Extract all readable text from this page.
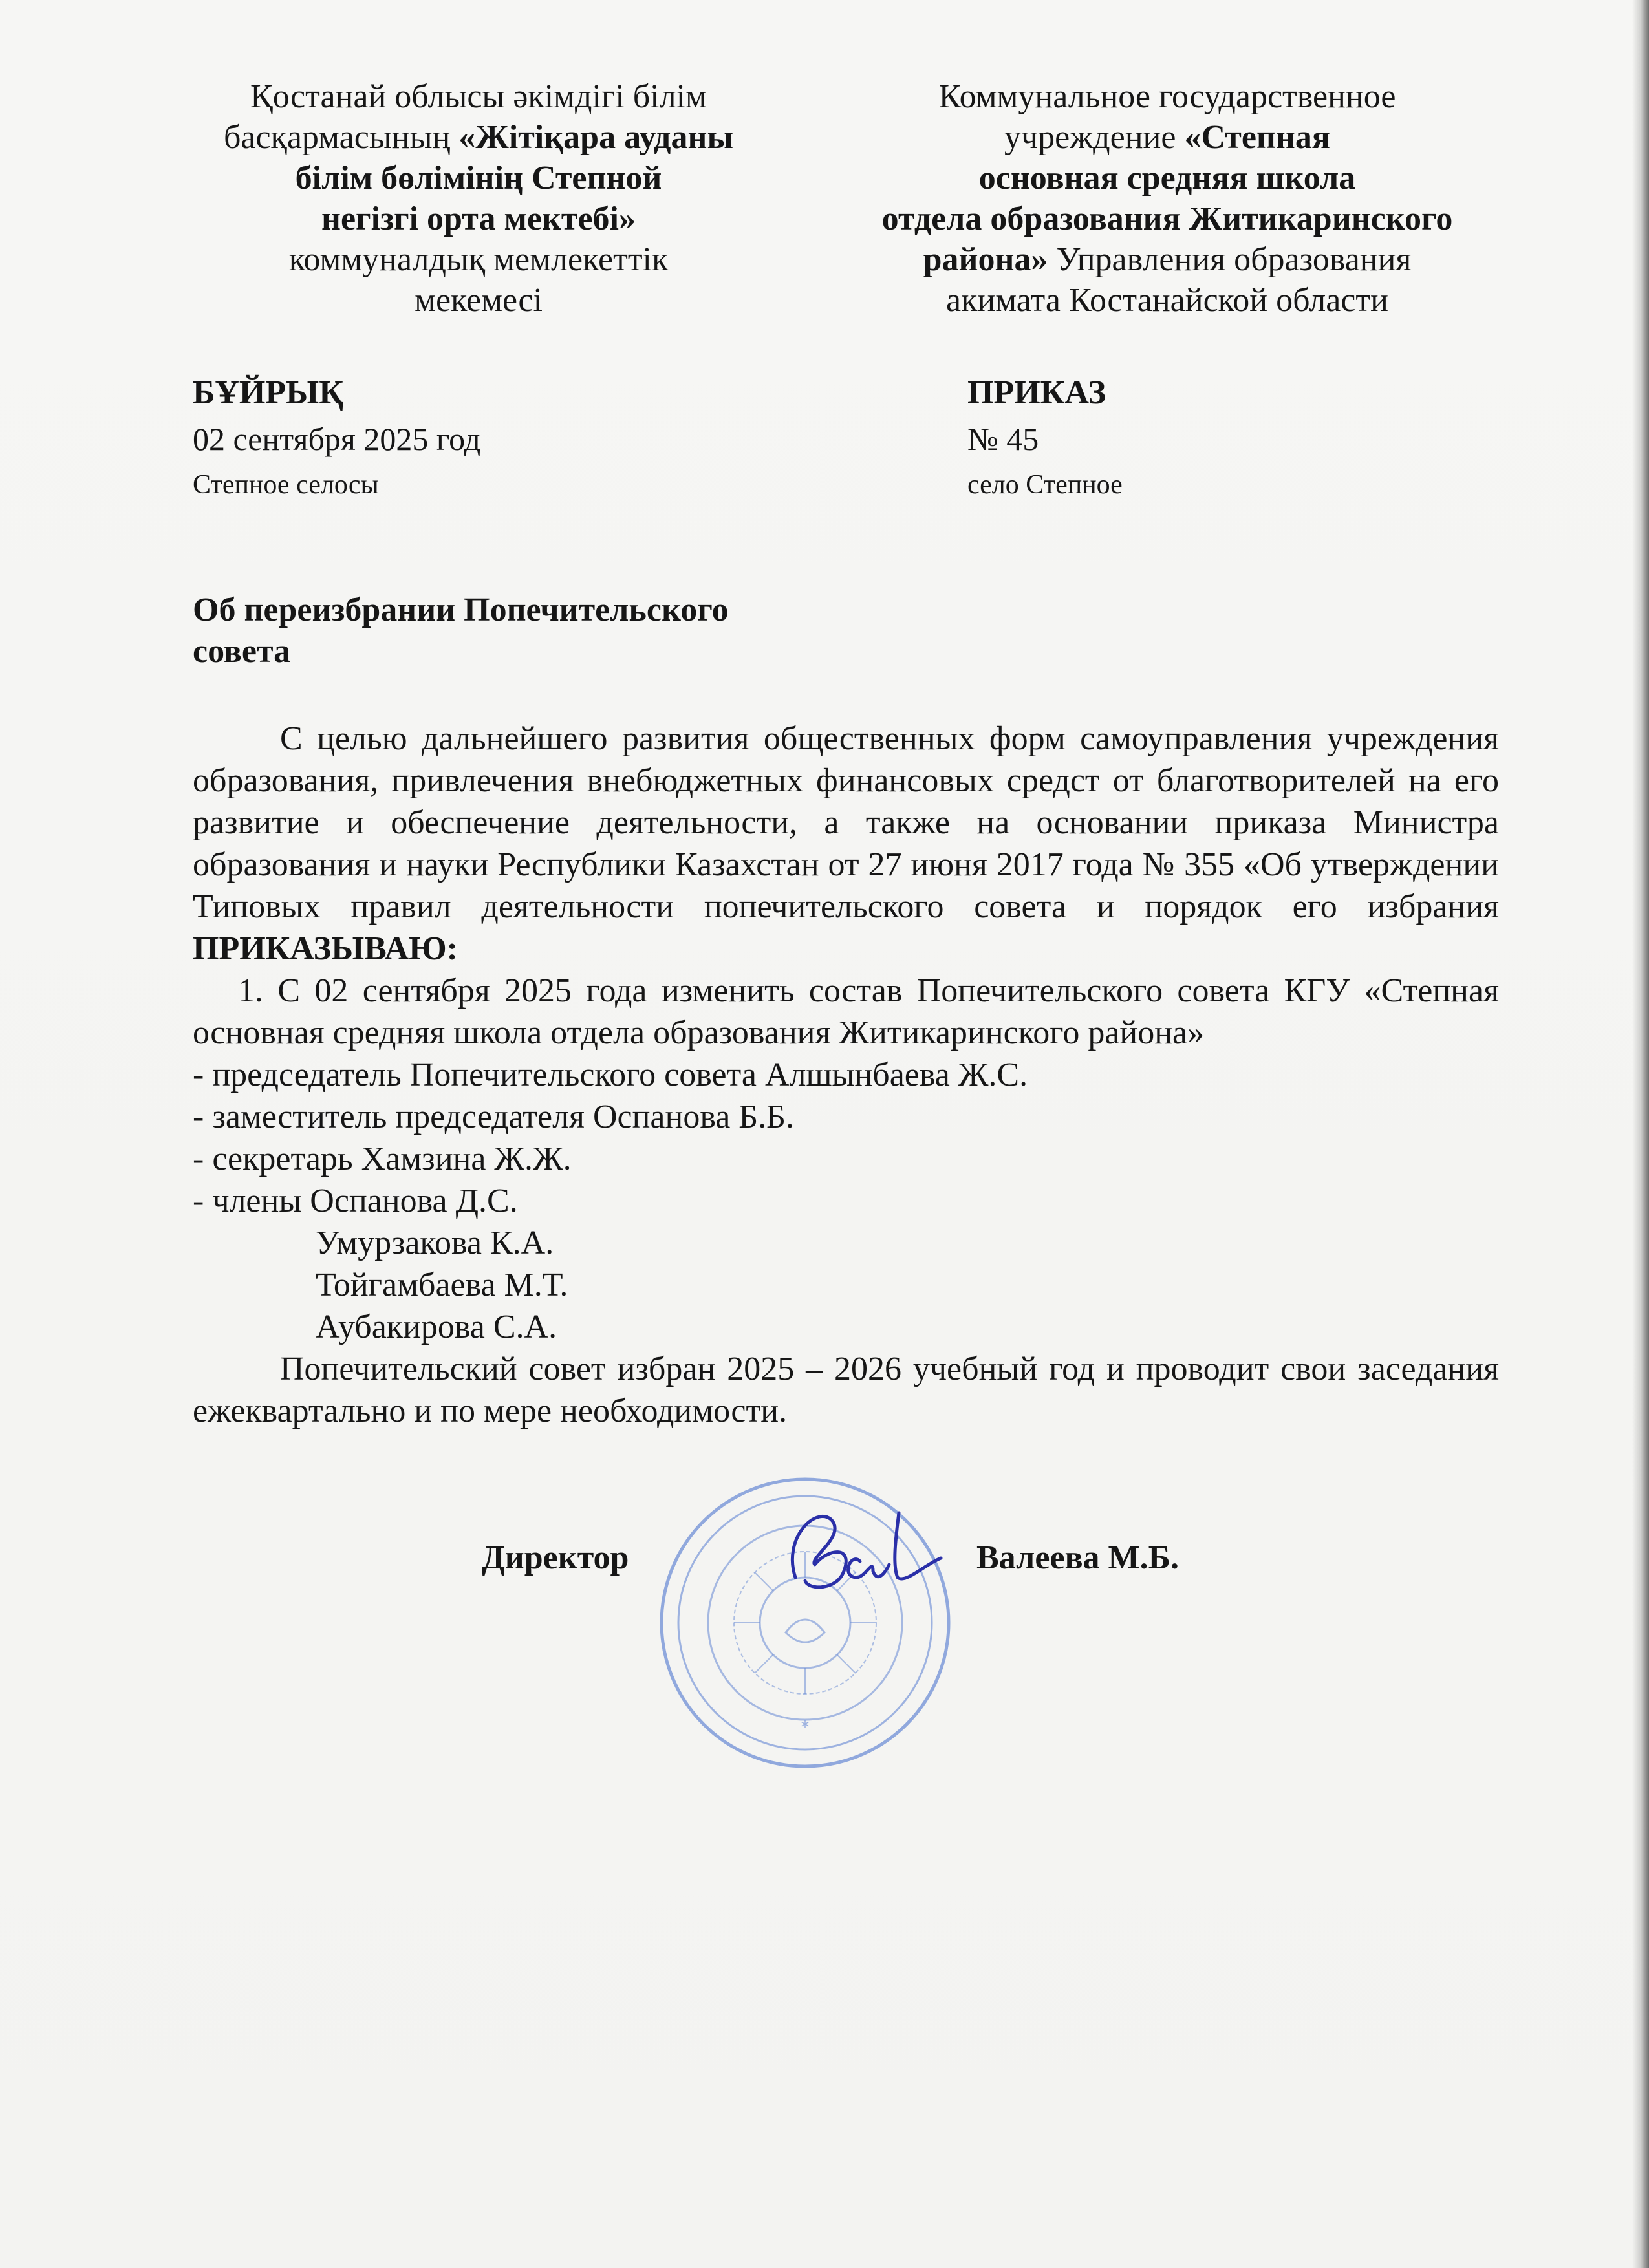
Қостанай облысы әкімдігі білім
басқармасының «Жітіқара ауданы
білім бөлімінің Степной
негізгі орта мектебі»
коммуналдық мемлекеттік
мекемесі
Коммунальное государственное
учреждение «Степная
основная средняя школа
отдела образования Житикаринского
района» Управления образования
акимата Костанайской области
БҰЙРЫҚ	ПРИКАЗ
02 сентября 2025 год	№ 45
Степное селосы	село Степное
Об переизбрании Попечительского
совета

С целью дальнейшего развития общественных форм самоуправления учреждения образования, привлечения внебюджетных финансовых средст от благотворителей на его развитие и обеспечение деятельности, а также на основании приказа Министра образования и науки Республики Казахстан от 27 июня 2017 года № 355 «Об утверждении Типовых правил деятельности попечительского совета и порядок его избрания ПРИКАЗЫВАЮ:

1. С 02 сентября 2025 года изменить состав Попечительского совета КГУ «Степная основная средняя школа отдела образования Житикаринского района»

- председатель Попечительского совета Алшынбаева Ж.С.

- заместитель председателя Оспанова Б.Б.

- секретарь Хамзина Ж.Ж.

- члены Оспанова Д.С.

Умурзакова К.А.

Тойгамбаева М.Т.

Аубакирова С.А.

Попечительский совет избран 2025 – 2026 учебный год и проводит свои заседания ежеквартально и по мере необходимости.

*
Директор	Валеева М.Б.
